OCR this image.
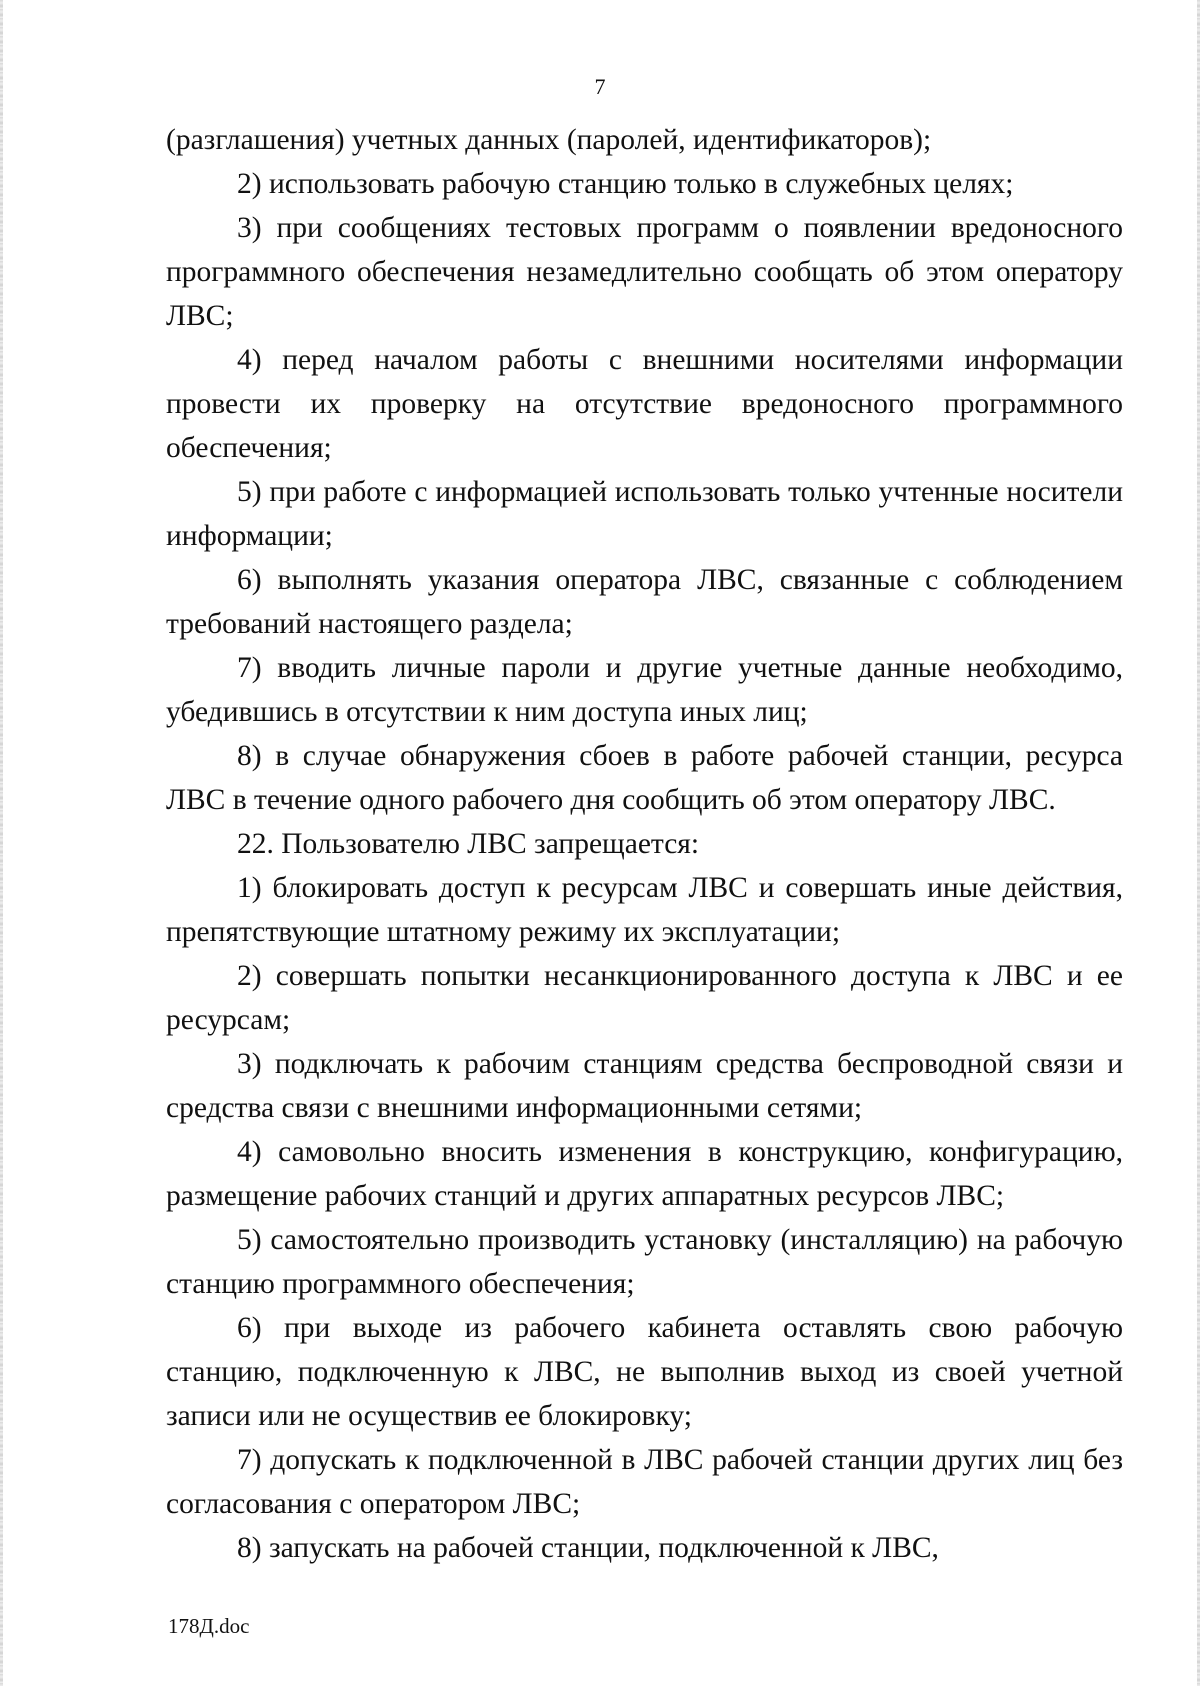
7

(разглашения) учетных данных (паролей, идентификаторов);

2) использовать рабочую станцию только в служебных целях;

3) при сообщениях тестовых программ о появлении вредоносного программного обеспечения незамедлительно сообщать об этом оператору ЛВС;

4) перед началом работы с внешними носителями информации провести их проверку на отсутствие вредоносного программного обеспечения;

5) при работе с информацией использовать только учтенные носители информации;

6) выполнять указания оператора ЛВС, связанные с соблюдением требований настоящего раздела;

7) вводить личные пароли и другие учетные данные необходимо, убедившись в отсутствии к ним доступа иных лиц;

8) в случае обнаружения сбоев в работе рабочей станции, ресурса ЛВС в течение одного рабочего дня сообщить об этом оператору ЛВС.

22. Пользователю ЛВС запрещается:

1) блокировать доступ к ресурсам ЛВС и совершать иные действия, препятствующие штатному режиму их эксплуатации;

2) совершать попытки несанкционированного доступа к ЛВС и ее ресурсам;

3) подключать к рабочим станциям средства беспроводной связи и средства связи с внешними информационными сетями;

4) самовольно вносить изменения в конструкцию, конфигурацию, размещение рабочих станций и других аппаратных ресурсов ЛВС;

5) самостоятельно производить установку (инсталляцию) на рабочую станцию программного обеспечения;

6) при выходе из рабочего кабинета оставлять свою рабочую станцию, подключенную к ЛВС, не выполнив выход из своей учетной записи или не осуществив ее блокировку;

7) допускать к подключенной в ЛВС рабочей станции других лиц без согласования с оператором ЛВС;

8) запускать на рабочей станции, подключенной к ЛВС,

178Д.doc
